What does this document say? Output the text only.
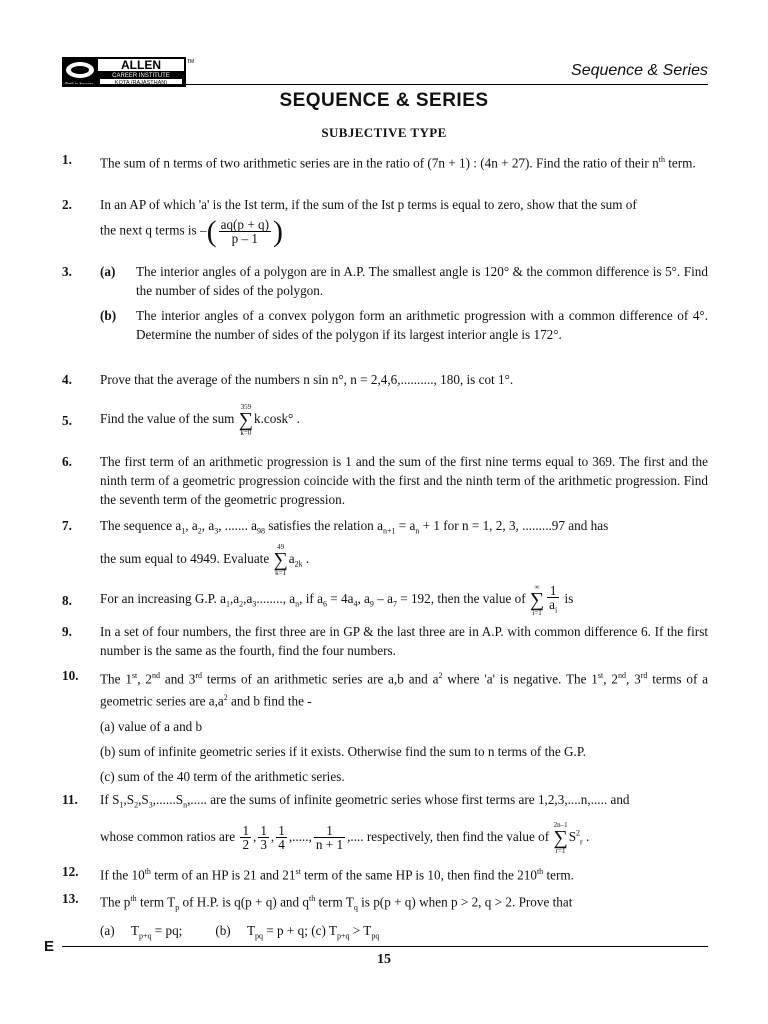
ALLEN
CAREER INSTITUTE
KOTA (RAJASTHAN)
Path to Success
TM	Sequence & Series
SEQUENCE & SERIES
SUBJECTIVE TYPE
1.	The sum of n terms of two arithmetic series are in the ratio of (7n + 1) : (4n + 27). Find the ratio of their $n^{th}$ term.
2.	In an AP of which 'a' is the Ist term, if the sum of the Ist p terms is equal to zero, show that the sum of
the next q terms is –( $\frac{aq(p + q)}{p - 1}$ )
3.	(a) The interior angles of a polygon are in A.P. The smallest angle is 120° & the common difference is 5°. Find the number of sides of the polygon.
(b) The interior angles of a convex polygon form an arithmetic progression with a common difference of 4°. Determine the number of sides of the polygon if its largest interior angle is 172°.
4.	Prove that the average of the numbers n sin n°, n = 2,4,6,.........., 180, is cot 1°.
5.	Find the value of the sum
359
∑
k=0
k.cosk° .
6.	The first term of an arithmetic progression is 1 and the sum of the first nine terms equal to 369. The first and the ninth term of a geometric progression coincide with the first and the ninth term of the arithmetic progression. Find the seventh term of the geometric progression.
7.	The sequence $a_1$, $a_2$, $a_3$, ....... $a_{98}$ satisfies the relation $a_{n+1} = a_n + 1$ for n = 1, 2, 3, .........97 and has
the sum equal to 4949. Evaluate
49
∑
k=1
$a_{2k}$ .
8.	For an increasing G.P. $a_1,a_2,a_3$........, $a_n$, if $a_6 = 4a_4$, $a_9 - a_7 = 192$, then the value of
∞
∑
$i=1 \frac{1}{a_i}$ is
9.	In a set of four numbers, the first three are in GP & the last three are in A.P. with common difference 6. If the first number is the same as the fourth, find the four numbers.
10.	The 1st, 2nd and 3rd terms of an arithmetic series are a,b and $a^2$ where 'a' is negative. The 1st, 2nd, 3rd terms of a geometric series are $a,a^2$ and b find the -
(a) value of a and b
(b) sum of infinite geometric series if it exists. Otherwise find the sum to n terms of the G.P.
(c) sum of the 40 term of the arithmetic series.
11.	If $S_1,S_2,S_3,......S_n$,..... are the sums of infinite geometric series whose first terms are 1,2,3,....n,..... and
whose common ratios are $\frac{1}{2}$ , $\frac{1}{3}$ , $\frac{1}{4}$ ,....., $\frac{1}{n + 1}$ ,.... respectively, then find the value of
2n–1
∑
r=1
$S^2_r$ .
12.	If the 10th term of an HP is 21 and 21st term of the same HP is 10, then find the 210th term.
13.	The $p^{th}$ term $T_p$ of H.P. is q(p + q) and $q^{th}$ term $T_q$ is p(p + q) when p > 2, q > 2. Prove that
(a)     $T_{p+q}$ = pq;          (b)     $T_{pq} = p + q$; (c) $T_{p+q} > T_{pq}$
E
15
